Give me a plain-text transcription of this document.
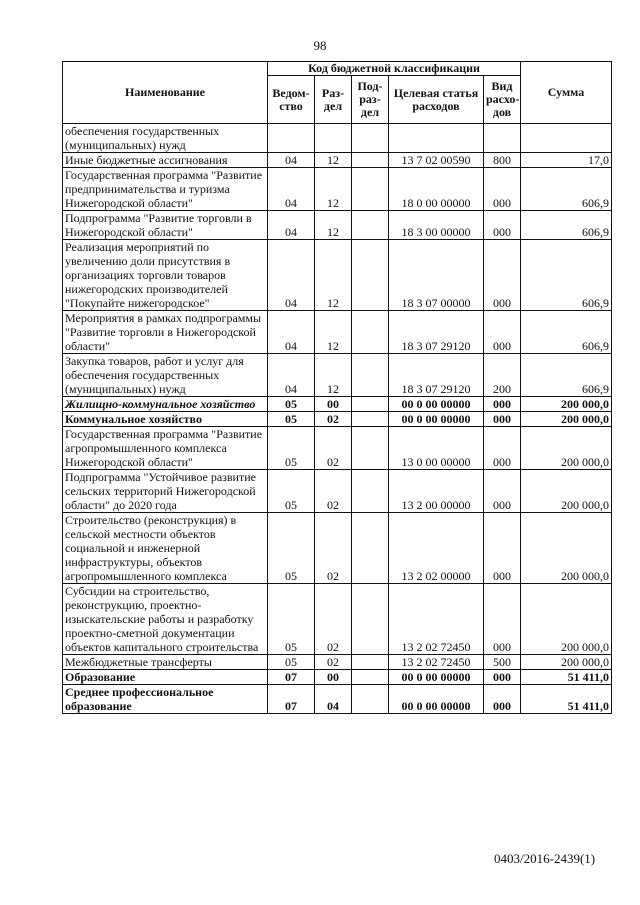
98
Наименование	Код бюджетной классификации					Сумма
	Ведом-ство	Раз-дел	Под-раз-дел	Целевая статья расходов	Вид расхо-дов	
обеспечения государственных (муниципальных) нужд						
Иные бюджетные ассигнования	04	12		13 7 02 00590	800	17,0
Государственная программа "Развитие предпринимательства и туризма Нижегородской области"	04	12		18 0 00 00000	000	606,9
Подпрограмма "Развитие торговли в Нижегородской области"	04	12		18 3 00 00000	000	606,9
Реализация мероприятий по увеличению доли присутствия в организациях торговли товаров нижегородских производителей "Покупайте нижегородское"	04	12		18 3 07 00000	000	606,9
Мероприятия в рамках подпрограммы "Развитие торговли в Нижегородской области"	04	12		18 3 07 29120	000	606,9
Закупка товаров, работ и услуг для обеспечения государственных (муниципальных) нужд	04	12		18 3 07 29120	200	606,9
Жилищно-коммунальное хозяйство	05	00		00 0 00 00000	000	200 000,0
Коммунальное хозяйство	05	02		00 0 00 00000	000	200 000,0
Государственная программа "Развитие агропромышленного комплекса Нижегородской области"	05	02		13 0 00 00000	000	200 000,0
Подпрограмма "Устойчивое развитие сельских территорий Нижегородской области" до 2020 года	05	02		13 2 00 00000	000	200 000,0
Строительство (реконструкция) в сельской местности объектов социальной и инженерной инфраструктуры, объектов агропромышленного комплекса	05	02		13 2 02 00000	000	200 000,0
Субсидии на строительство, реконструкцию, проектно-изыскательские работы и разработку проектно-сметной документации объектов капитального строительства	05	02		13 2 02 72450	000	200 000,0
Межбюджетные трансферты	05	02		13 2 02 72450	500	200 000,0
Образование	07	00		00 0 00 00000	000	51 411,0
Среднее профессиональное образование	07	04		00 0 00 00000	000	51 411,0
0403/2016-2439(1)
